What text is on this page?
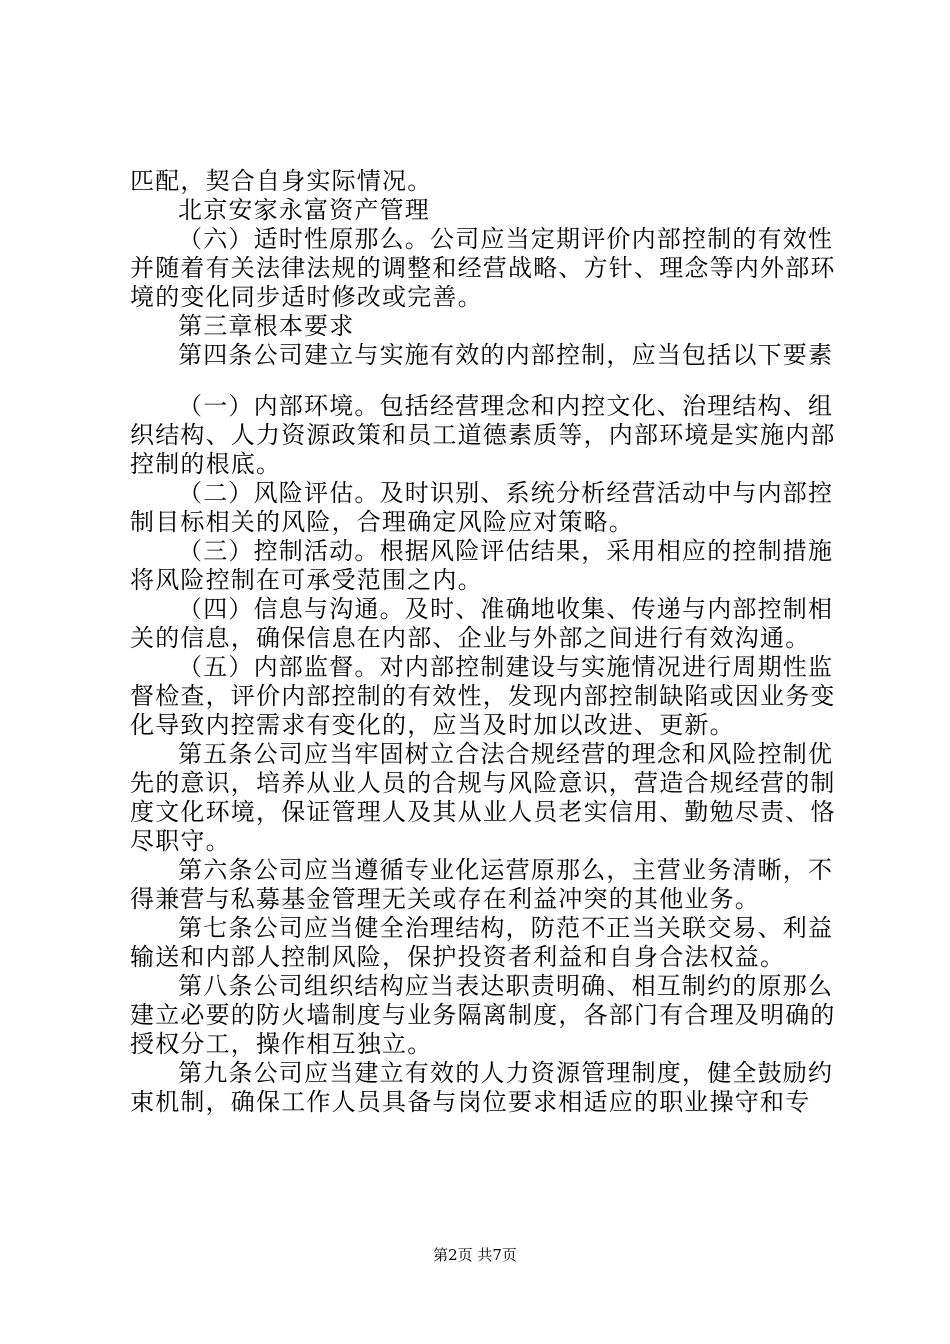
匹配，契合自身实际情况。

北京安家永富资产管理

（六）适时性原那么。公司应当定期评价内部控制的有效性并随着有关法律法规的调整和经营战略、方针、理念等内外部环境的变化同步适时修改或完善。

第三章根本要求

第四条公司建立与实施有效的内部控制，应当包括以下要素

（一）内部环境。包括经营理念和内控文化、治理结构、组织结构、人力资源政策和员工道德素质等，内部环境是实施内部控制的根底。

（二）风险评估。及时识别、系统分析经营活动中与内部控制目标相关的风险，合理确定风险应对策略。

（三）控制活动。根据风险评估结果，采用相应的控制措施将风险控制在可承受范围之内。

（四）信息与沟通。及时、准确地收集、传递与内部控制相关的信息，确保信息在内部、企业与外部之间进行有效沟通。

（五）内部监督。对内部控制建设与实施情况进行周期性监督检查，评价内部控制的有效性，发现内部控制缺陷或因业务变化导致内控需求有变化的，应当及时加以改进、更新。

第五条公司应当牢固树立合法合规经营的理念和风险控制优先的意识，培养从业人员的合规与风险意识，营造合规经营的制度文化环境，保证管理人及其从业人员老实信用、勤勉尽责、恪尽职守。

第六条公司应当遵循专业化运营原那么，主营业务清晰，不得兼营与私募基金管理无关或存在利益冲突的其他业务。

第七条公司应当健全治理结构，防范不正当关联交易、利益输送和内部人控制风险，保护投资者利益和自身合法权益。

第八条公司组织结构应当表达职责明确、相互制约的原那么建立必要的防火墙制度与业务隔离制度，各部门有合理及明确的授权分工，操作相互独立。

第九条公司应当建立有效的人力资源管理制度，健全鼓励约束机制，确保工作人员具备与岗位要求相适应的职业操守和专

第2页 共7页
